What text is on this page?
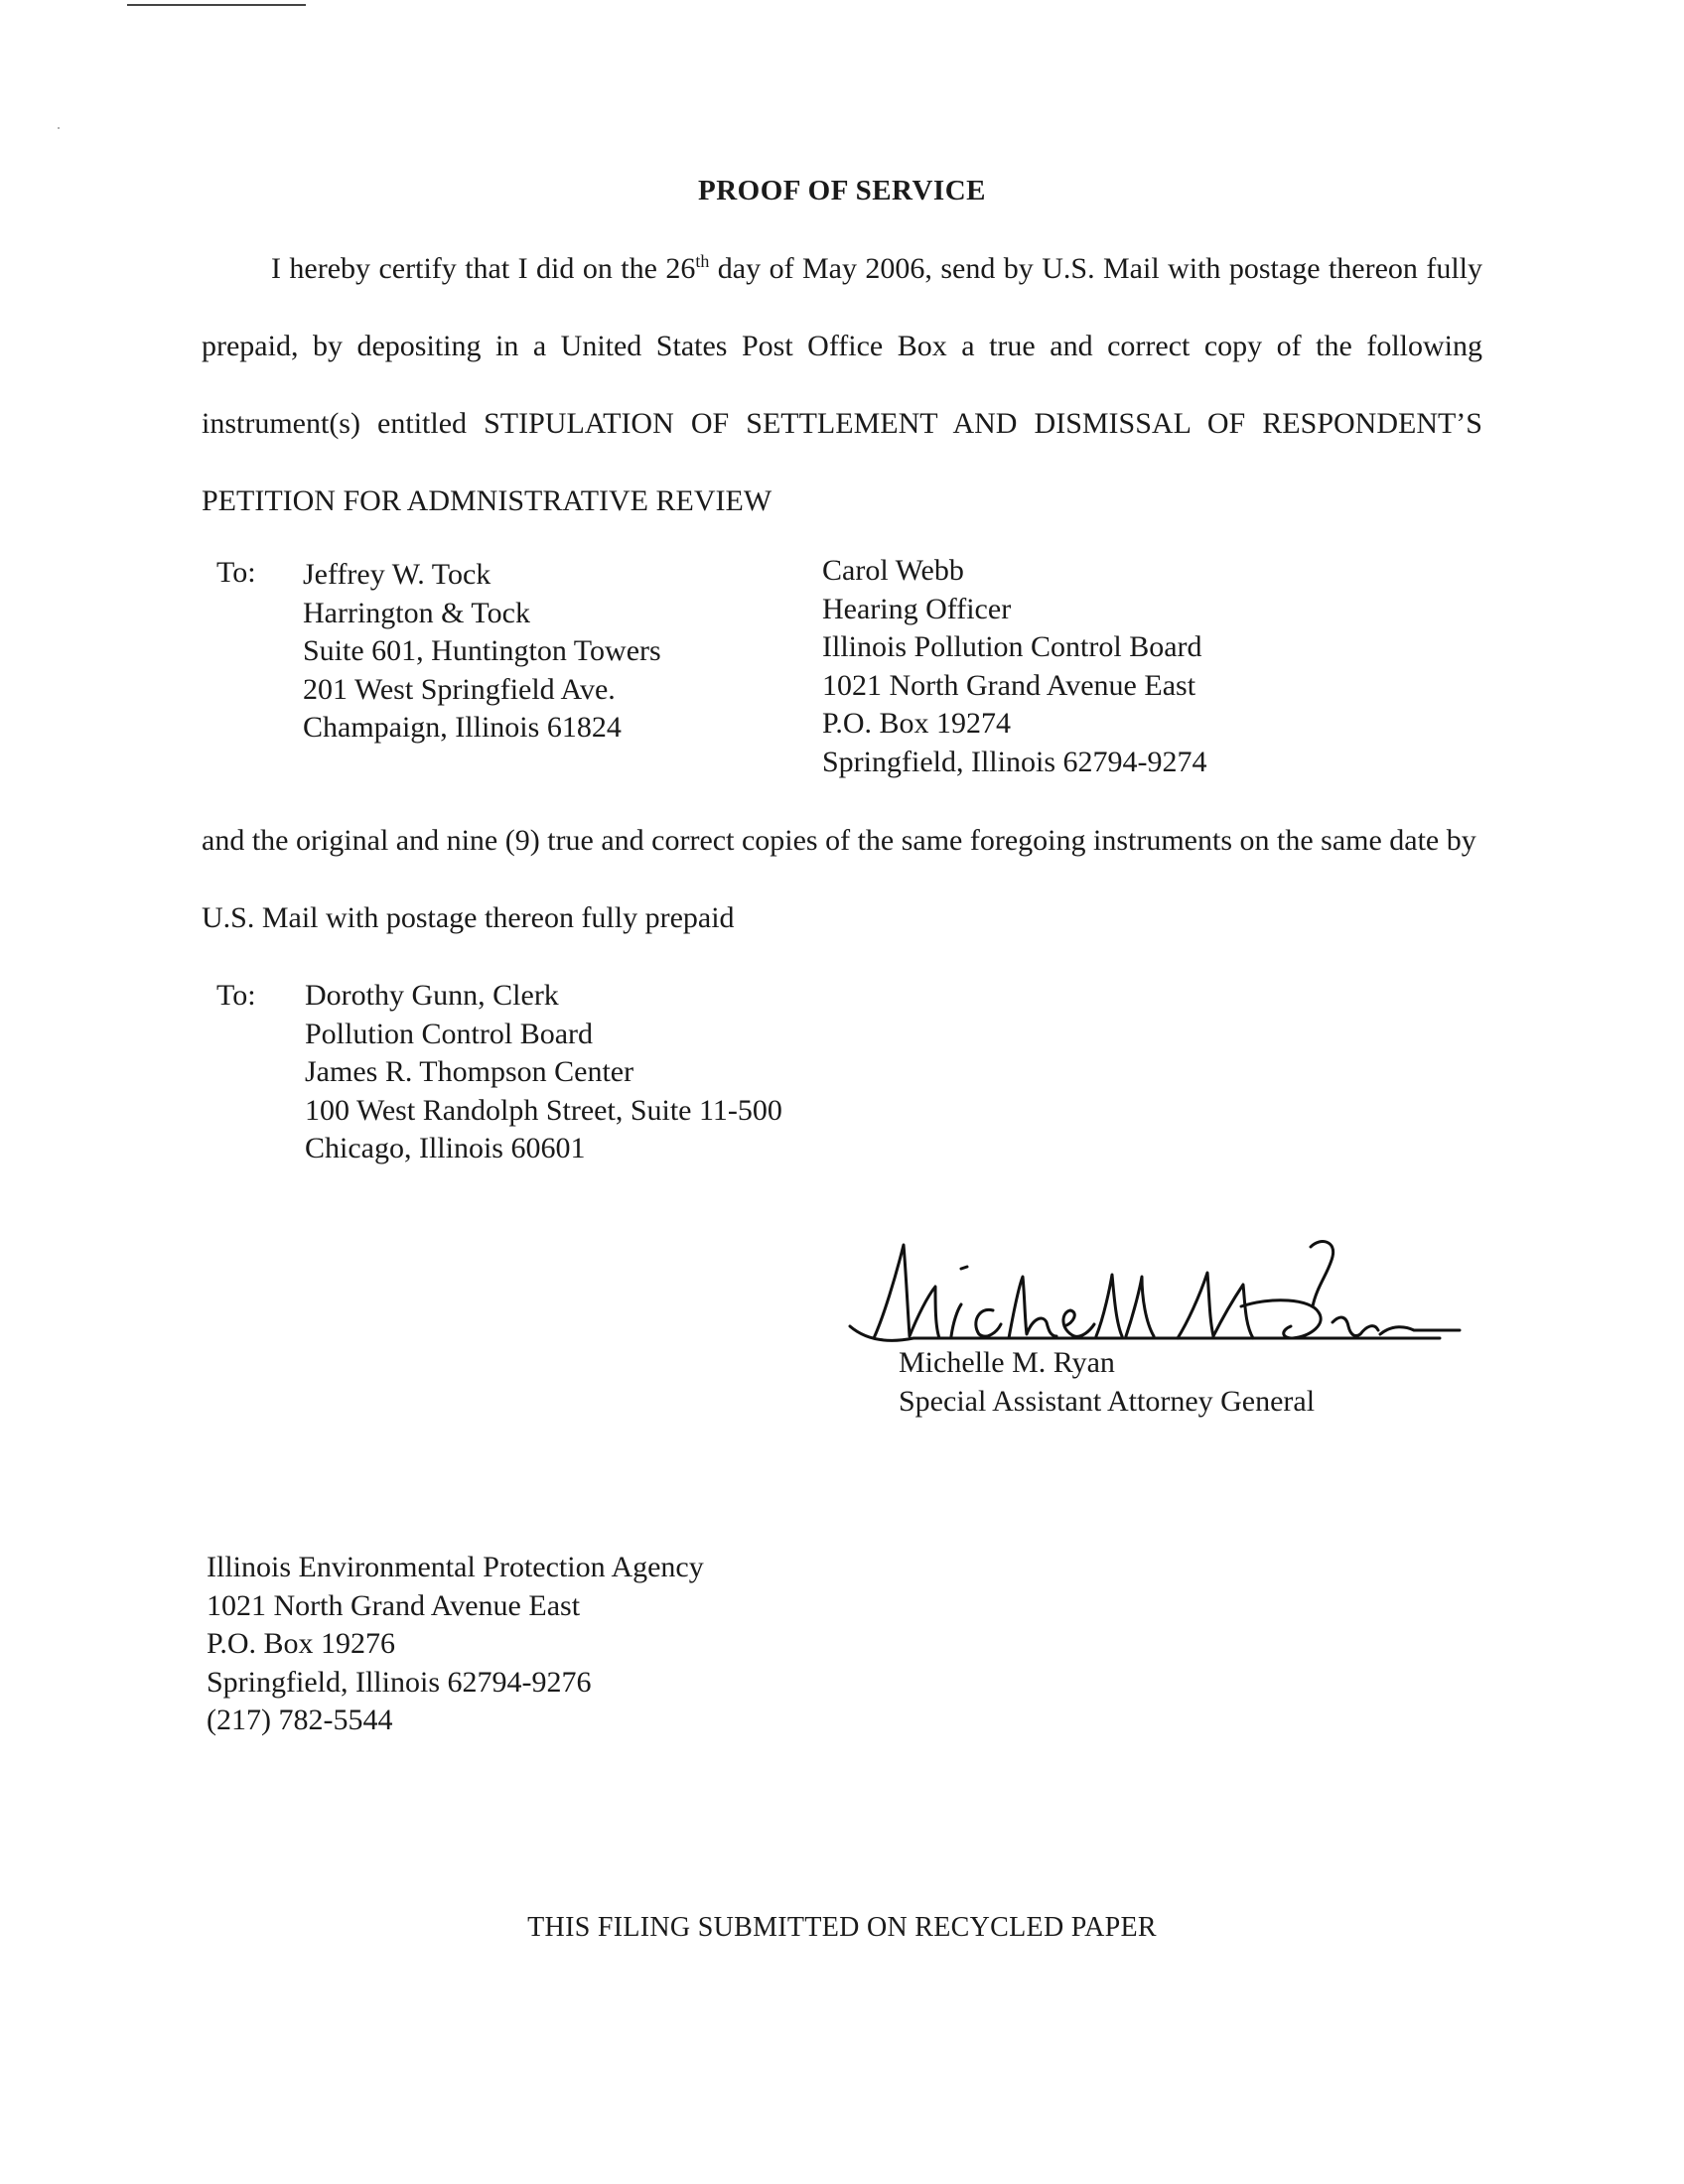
PROOF OF SERVICE
I hereby certify that I did on the 26th day of May 2006, send by U.S. Mail with postage thereon fully prepaid, by depositing in a United States Post Office Box a true and correct copy of the following instrument(s) entitled STIPULATION OF SETTLEMENT AND DISMISSAL OF RESPONDENT’S PETITION FOR ADMNISTRATIVE REVIEW
To: Jeffrey W. Tock
Harrington & Tock
Suite 601, Huntington Towers
201 West Springfield Ave.
Champaign, Illinois 61824
Carol Webb
Hearing Officer
Illinois Pollution Control Board
1021 North Grand Avenue East
P.O. Box 19274
Springfield, Illinois 62794-9274
and the original and nine (9) true and correct copies of the same foregoing instruments on the same date by U.S. Mail with postage thereon fully prepaid
To: Dorothy Gunn, Clerk
Pollution Control Board
James R. Thompson Center
100 West Randolph Street, Suite 11-500
Chicago, Illinois 60601
Michelle M. Ryan
Special Assistant Attorney General
Illinois Environmental Protection Agency
1021 North Grand Avenue East
P.O. Box 19276
Springfield, Illinois 62794-9276
(217) 782-5544
THIS FILING SUBMITTED ON RECYCLED PAPER
